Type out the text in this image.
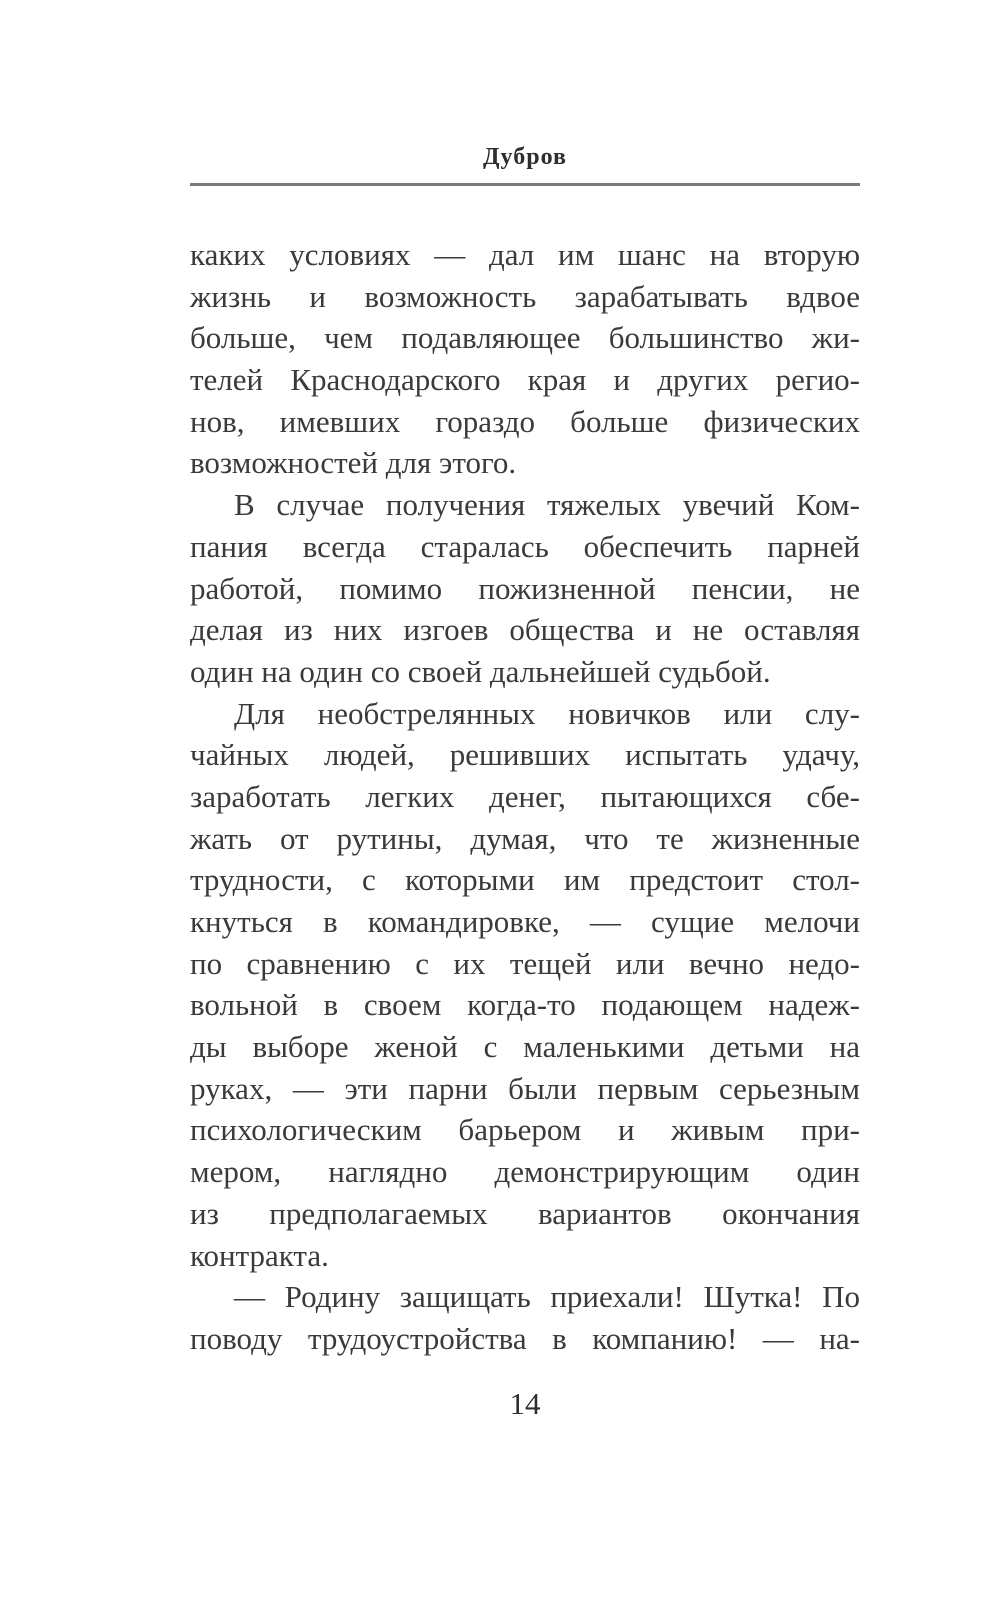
Дубров
каких условиях — дал им шанс на вторую
жизнь и возможность зарабатывать вдвое
больше, чем подавляющее большинство жи-
телей Краснодарского края и других регио-
нов, имевших гораздо больше физических
возможностей для этого.
В случае получения тяжелых увечий Ком-
пания всегда старалась обеспечить парней
работой, помимо пожизненной пенсии, не
делая из них изгоев общества и не оставляя
один на один со своей дальнейшей судьбой.
Для необстрелянных новичков или слу-
чайных людей, решивших испытать удачу,
заработать легких денег, пытающихся сбе-
жать от рутины, думая, что те жизненные
трудности, с которыми им предстоит стол-
кнуться в командировке, — сущие мелочи
по сравнению с их тещей или вечно недо-
вольной в своем когда-то подающем надеж-
ды выборе женой с маленькими детьми на
руках, — эти парни были первым серьезным
психологическим барьером и живым при-
мером, наглядно демонстрирующим один
из предполагаемых вариантов окончания
контракта.
— Родину защищать приехали! Шутка! По
поводу трудоустройства в компанию! — на-
14
